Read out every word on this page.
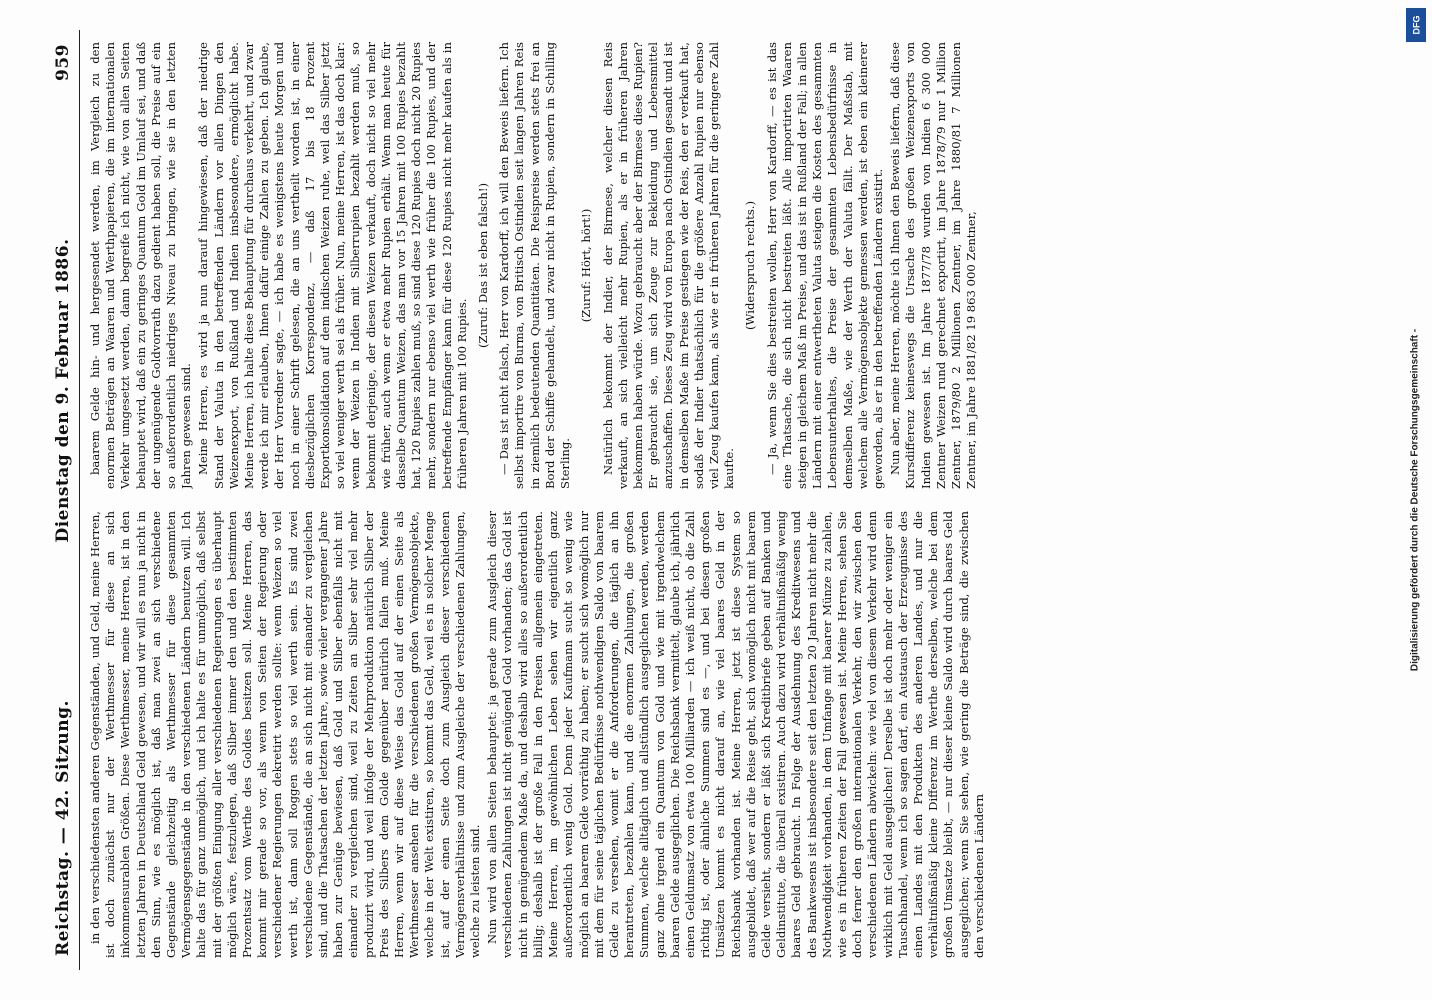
Reichstag. — 42. Sitzung.
Dienstag den 9. Februar 1886.
959

in den verschiedensten anderen Gegenständen, und Geld, meine Herren, ist doch zunächst nur der Werthmesser für diese an sich inkommensurablen Größen. Diese Werthmesser, meine Herren, ist in den letzten Jahren in Deutschland Geld gewesen, und wir will es nun ja nicht in den Sinn, wie es möglich ist, daß man zwei an sich verschiedene Gegenstände gleichzeitig als Werthmesser für diese gesammten Vermögensgegenstände in den verschiedenen Ländern benutzen will. Ich halte das für ganz unmöglich, und ich halte es für unmöglich, daß selbst mit der größten Einigung aller verschiedenen Regierungen es überhaupt möglich wäre, festzulegen, daß Silber immer den und den bestimmten Prozentsatz vom Werthe des Goldes besitzen soll. Meine Herren, das kommt mir gerade so vor, als wenn von Seiten der Regierung oder verschiedener Regierungen dekretirt werden sollte: wenn Weizen so viel werth ist, dann soll Roggen stets so viel werth sein. Es sind zwei verschiedene Gegenstände, die an sich nicht mit einander zu vergleichen sind, und die Thatsachen der letzten Jahre, sowie vieler vergangener Jahre haben zur Genüge bewiesen, daß Gold und Silber ebenfalls nicht mit einander zu vergleichen sind, weil zu Zeiten an Silber sehr viel mehr produzirt wird, und weil infolge der Mehrproduktion natürlich Silber der Preis des Silbers dem Golde gegenüber natürlich fallen muß. Meine Herren, wenn wir auf diese Weise das Gold auf der einen Seite als Werthmesser ansehen für die verschiedenen großen Vermögensobjekte, welche in der Welt existiren, so kommt das Geld, weil es in solcher Menge ist, auf der einen Seite doch zum Ausgleich dieser verschiedenen Vermögensverhältnisse und zum Ausgleiche der verschiedenen Zahlungen, welche zu leisten sind. Nun wird von allen Seiten behauptet: ja gerade zum Ausgleich dieser verschiedenen Zahlungen ist nicht genügend Gold vorhanden; das Gold ist nicht in genügendem Maße da, und deshalb wird alles so außerordentlich billig; deshalb ist der große Fall in den Preisen allgemein eingetreten. Meine Herren, im gewöhnlichen Leben sehen wir eigentlich ganz außerordentlich wenig Gold. Denn jeder Kaufmann sucht so wenig wie möglich an baarem Gelde vorräthig zu haben; er sucht sich womöglich nur mit dem für seine täglichen Bedürfnisse nothwendigen Saldo von baarem Gelde zu versehen, womit er die Anforderungen, die täglich an ihn herantreten, bezahlen kann, und die enormen Zahlungen, die großen Summen, welche alltäglich und allstündlich ausgeglichen werden, werden ganz ohne irgend ein Quantum von Gold und wie mit irgendwelchem baaren Gelde ausgeglichen. Die Reichsbank vermittelt, glaube ich, jährlich einen Geldumsatz von etwa 100 Milliarden — ich weiß nicht, ob die Zahl richtig ist, oder ähnliche Summen sind es —, und bei diesen großen Umsätzen kommt es nicht darauf an, wie viel baares Geld in der Reichsbank vorhanden ist. Meine Herren, jetzt ist diese System so ausgebildet, daß wer auf die Reise geht, sich womöglich nicht mit baarem Gelde versieht, sondern er läßt sich Kreditbriefe geben auf Banken und Geldinstitute, die überall existiren. Auch dazu wird verhältnißmäßig wenig baares Geld gebraucht. In Folge der Ausdehnung des Kreditwesens und des Bankwesens ist insbesondere seit den letzten 20 Jahren nicht mehr die Nothwendigkeit vorhanden, in dem Umfange mit baarer Münze zu zahlen, wie es in früheren Zeiten der Fall gewesen ist. Meine Herren, sehen Sie doch ferner den großen internationalen Verkehr, den wir zwischen den verschiedenen Ländern abwickeln: wie viel von diesem Verkehr wird denn wirklich mit Geld ausgeglichen! Derselbe ist doch mehr oder weniger ein Tauschhandel, wenn ich so sagen darf, ein Austausch der Erzeugnisse des einen Landes mit den Produkten des anderen Landes, und nur die verhältnißmäßig kleine Differenz im Werthe derselben, welche bei dem großen Umsatze bleibt, — nur dieser kleine Saldo wird durch baares Geld ausgeglichen; wenn Sie sehen, wie gering die Beträge sind, die zwischen den verschiedenen Ländern

baarem Gelde hin- und hergesendet werden, im Vergleich zu den enormen Beträgen an Waaren und Werthpapieren, die im internationalen Verkehr umgesetzt werden, dann begreife ich nicht, wie von allen Seiten behauptet wird, daß ein zu geringes Quantum Gold im Umlauf sei, und daß der ungenügende Goldvorrath dazu gedient haben soll, die Preise auf ein so außerordentlich niedriges Niveau zu bringen, wie sie in den letzten Jahren gewesen sind. Meine Herren, es wird ja nun darauf hingewiesen, daß der niedrige Stand der Valuta in den betreffenden Ländern vor allen Dingen den Weizenexport, von Rußland und Indien insbesondere, ermöglicht habe. Meine Herren, ich halte diese Behauptung für durchaus verkehrt, und zwar werde ich mir erlauben, Ihnen dafür einige Zahlen zu geben. Ich glaube, der Herr Vorredner sagte, — ich habe es wenigstens heute Morgen und noch in einer Schrift gelesen, die an uns vertheilt worden ist, in einer diesbezüglichen Korrespondenz, — daß 17 bis 18 Prozent Exportkonsolidation auf dem indischen Weizen ruhe, weil das Silber jetzt so viel weniger werth sei als früher. Nun, meine Herren, ist das doch klar: wenn der Weizen in Indien mit Silberrupien bezahlt werden muß, so bekommt derjenige, der diesen Weizen verkauft, doch nicht so viel mehr wie früher, auch wenn er etwa mehr Rupien erhält. Wenn man heute für dasselbe Quantum Weizen, das man vor 15 Jahren mit 100 Rupies bezahlt hat, 120 Rupies zahlen muß, so sind diese 120 Rupies doch nicht 20 Rupies mehr, sondern nur ebenso viel werth wie früher die 100 Rupies, und der betreffende Empfänger kann für diese 120 Rupies nicht mehr kaufen als in früheren Jahren mit 100 Rupies.

(Zuruf: Das ist eben falsch!) — Das ist nicht falsch, Herr von Kardorff, ich will den Beweis liefern. Ich selbst importire von Burma, von Britisch Ostindien seit langen Jahren Reis in ziemlich bedeutenden Quantitäten. Die Reispreise werden stets frei an Bord der Schiffe gehandelt, und zwar nicht in Rupien, sondern in Schilling Sterling.

(Zuruf: Hört, hört!) Natürlich bekommt der Indier, der Birmese, welcher diesen Reis verkauft, an sich vielleicht mehr Rupien, als er in früheren Jahren bekommen haben würde. Wozu gebraucht aber der Birmese diese Rupien? Er gebraucht sie, um sich Zeuge zur Bekleidung und Lebensmittel anzuschaffen. Dieses Zeug wird von Europa nach Ostindien gesandt und ist in demselben Maße im Preise gestiegen wie der Reis, den er verkauft hat, sodaß der Indier thatsächlich für die größere Anzahl Rupien nur ebenso viel Zeug kaufen kann, als wie er in früheren Jahren für die geringere Zahl kaufte.

(Widerspruch rechts.) — Ja, wenn Sie dies bestreiten wollen, Herr von Kardorff, — es ist das eine Thatsache, die sich nicht bestreiten läßt. Alle importirten Waaren steigen in gleichem Maß im Preise, und das ist in Rußland der Fall; in allen Ländern mit einer entwertheten Valuta steigen die Kosten des gesammten Lebensunterhaltes, die Preise der gesammten Lebensbedürfnisse in demselben Maße, wie der Werth der Valuta fällt. Der Maßstab, mit welchem alle Vermögensobjekte gemessen werden, ist eben ein kleinerer geworden, als er in den betreffenden Ländern existirt. Nun aber, meine Herren, möchte ich Ihnen den Beweis liefern, daß diese Kursdifferenz keineswegs die Ursache des großen Weizenexports von Indien gewesen ist. Im Jahre 1877/78 wurden von Indien 6 300 000 Zentner Weizen rund gerechnet exportirt, im Jahre 1878/79 nur 1 Million Zentner, 1879/80 2 Millionen Zentner, im Jahre 1880/81 7 Millionen Zentner, im Jahre 1881/82 19 863 000 Zentner,

DFG
Digitalisierung gefördert durch die Deutsche Forschungsgemeinschaft -
